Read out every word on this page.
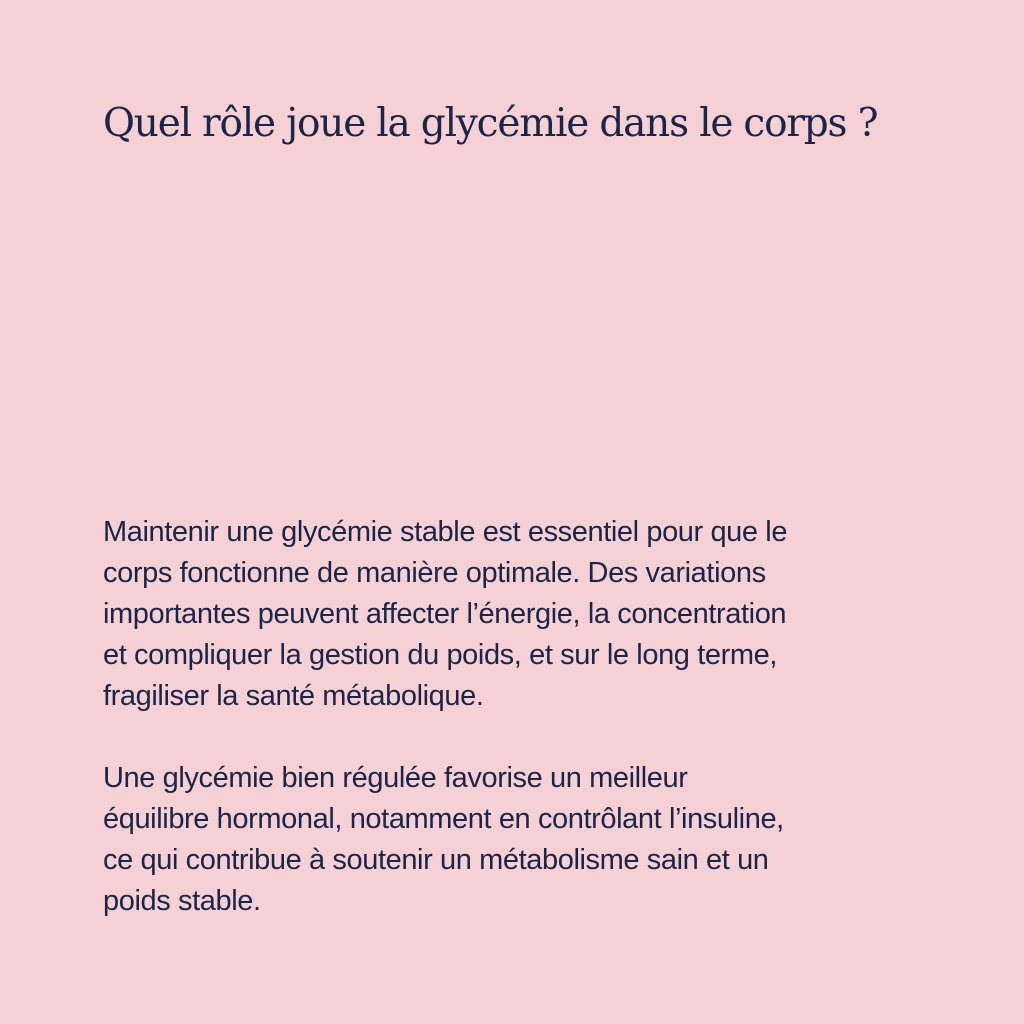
Quel rôle joue la glycémie dans le corps ?

Maintenir une glycémie stable est essentiel pour que le
corps fonctionne de manière optimale. Des variations
importantes peuvent affecter l’énergie, la concentration
et compliquer la gestion du poids, et sur le long terme,
fragiliser la santé métabolique.

Une glycémie bien régulée favorise un meilleur
équilibre hormonal, notamment en contrôlant l’insuline,
ce qui contribue à soutenir un métabolisme sain et un
poids stable.
